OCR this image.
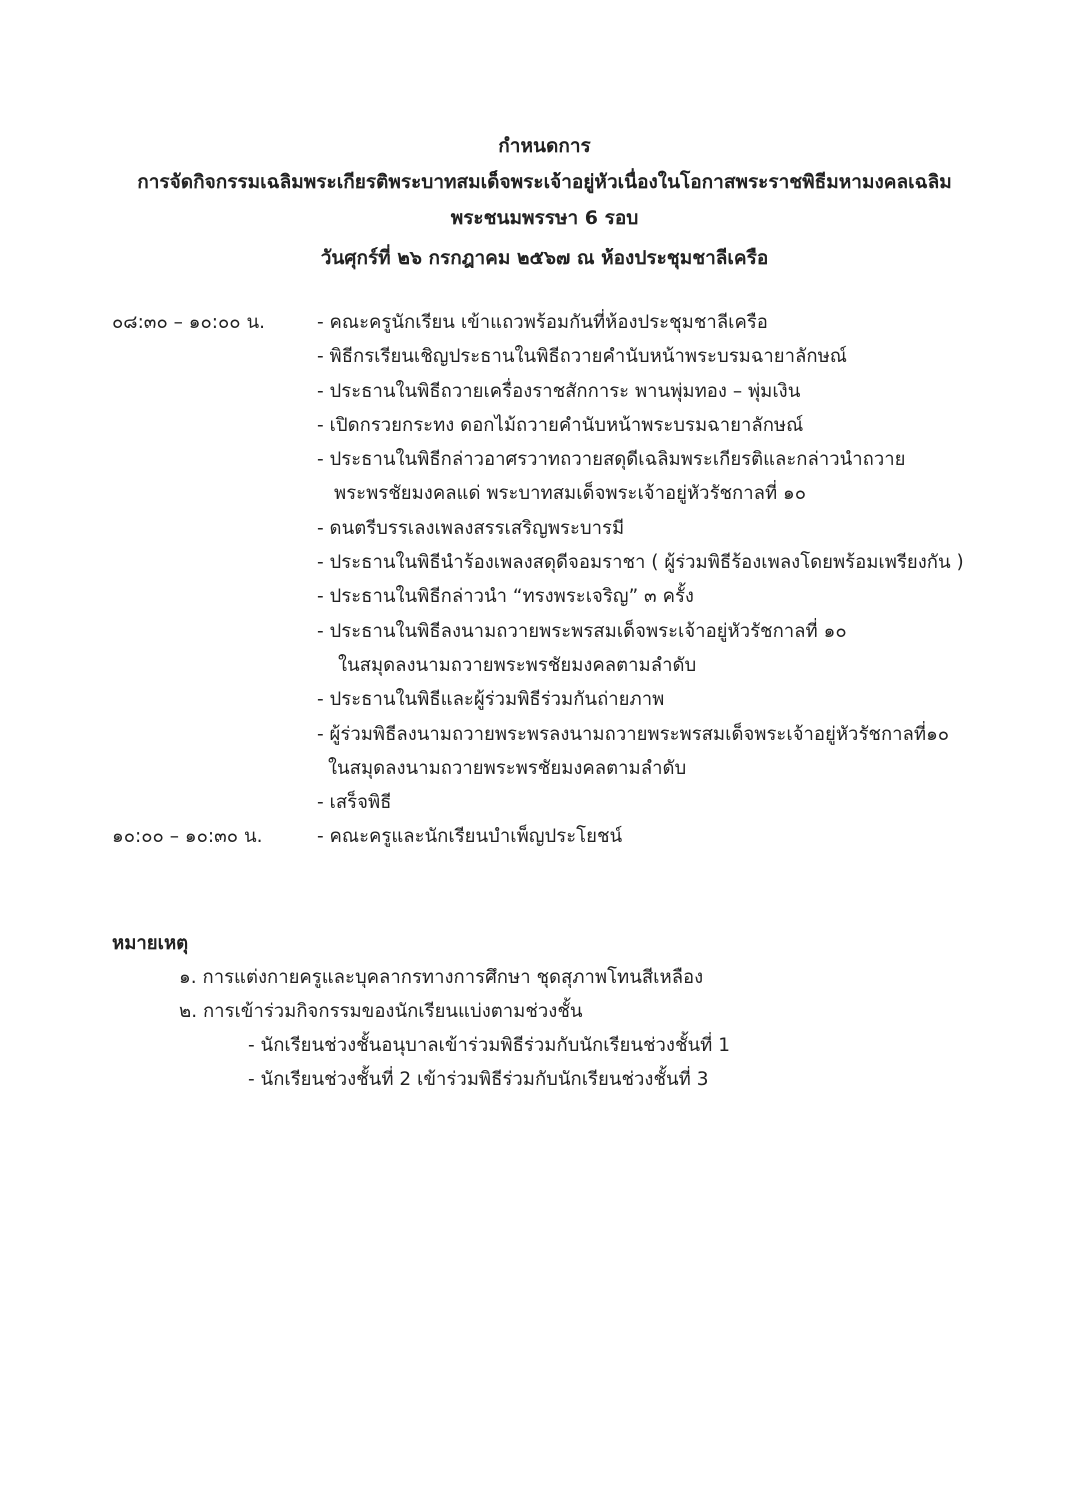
กำหนดการ
การจัดกิจกรรมเฉลิมพระเกียรติพระบาทสมเด็จพระเจ้าอยู่หัวเนื่องในโอกาสพระราชพิธีมหามงคลเฉลิม
พระชนมพรรษา 6 รอบ
วันศุกร์ที่ ๒๖ กรกฎาคม ๒๕๖๗ ณ ห้องประชุมชาลีเครือ
๐๘:๓๐ – ๑๐:๐๐ น.	- คณะครูนักเรียน เข้าแถวพร้อมกันที่ห้องประชุมชาลีเครือ
- พิธีกรเรียนเชิญประธานในพิธีถวายคำนับหน้าพระบรมฉายาลักษณ์
- ประธานในพิธีถวายเครื่องราชสักการะ พานพุ่มทอง – พุ่มเงิน
- เปิดกรวยกระทง ดอกไม้ถวายคำนับหน้าพระบรมฉายาลักษณ์
- ประธานในพิธีกล่าวอาศรวาทถวายสดุดีเฉลิมพระเกียรติและกล่าวนำถวาย
พระพรชัยมงคลแด่ พระบาทสมเด็จพระเจ้าอยู่หัวรัชกาลที่ ๑๐
- ดนตรีบรรเลงเพลงสรรเสริญพระบารมี
- ประธานในพิธีนำร้องเพลงสดุดีจอมราชา ( ผู้ร่วมพิธีร้องเพลงโดยพร้อมเพรียงกัน )
- ประธานในพิธีกล่าวนำ “ทรงพระเจริญ” ๓ ครั้ง
- ประธานในพิธีลงนามถวายพระพรสมเด็จพระเจ้าอยู่หัวรัชกาลที่ ๑๐
ในสมุดลงนามถวายพระพรชัยมงคลตามลำดับ
- ประธานในพิธีและผู้ร่วมพิธีร่วมกันถ่ายภาพ
- ผู้ร่วมพิธีลงนามถวายพระพรลงนามถวายพระพรสมเด็จพระเจ้าอยู่หัวรัชกาลที่๑๐
ในสมุดลงนามถวายพระพรชัยมงคลตามลำดับ
- เสร็จพิธี
๑๐:๐๐ – ๑๐:๓๐ น.	- คณะครูและนักเรียนบำเพ็ญประโยชน์
หมายเหตุ
๑. การแต่งกายครูและบุคลากรทางการศึกษา ชุดสุภาพโทนสีเหลือง
๒. การเข้าร่วมกิจกรรมของนักเรียนแบ่งตามช่วงชั้น
- นักเรียนช่วงชั้นอนุบาลเข้าร่วมพิธีร่วมกับนักเรียนช่วงชั้นที่ 1
- นักเรียนช่วงชั้นที่ 2 เข้าร่วมพิธีร่วมกับนักเรียนช่วงชั้นที่ 3
